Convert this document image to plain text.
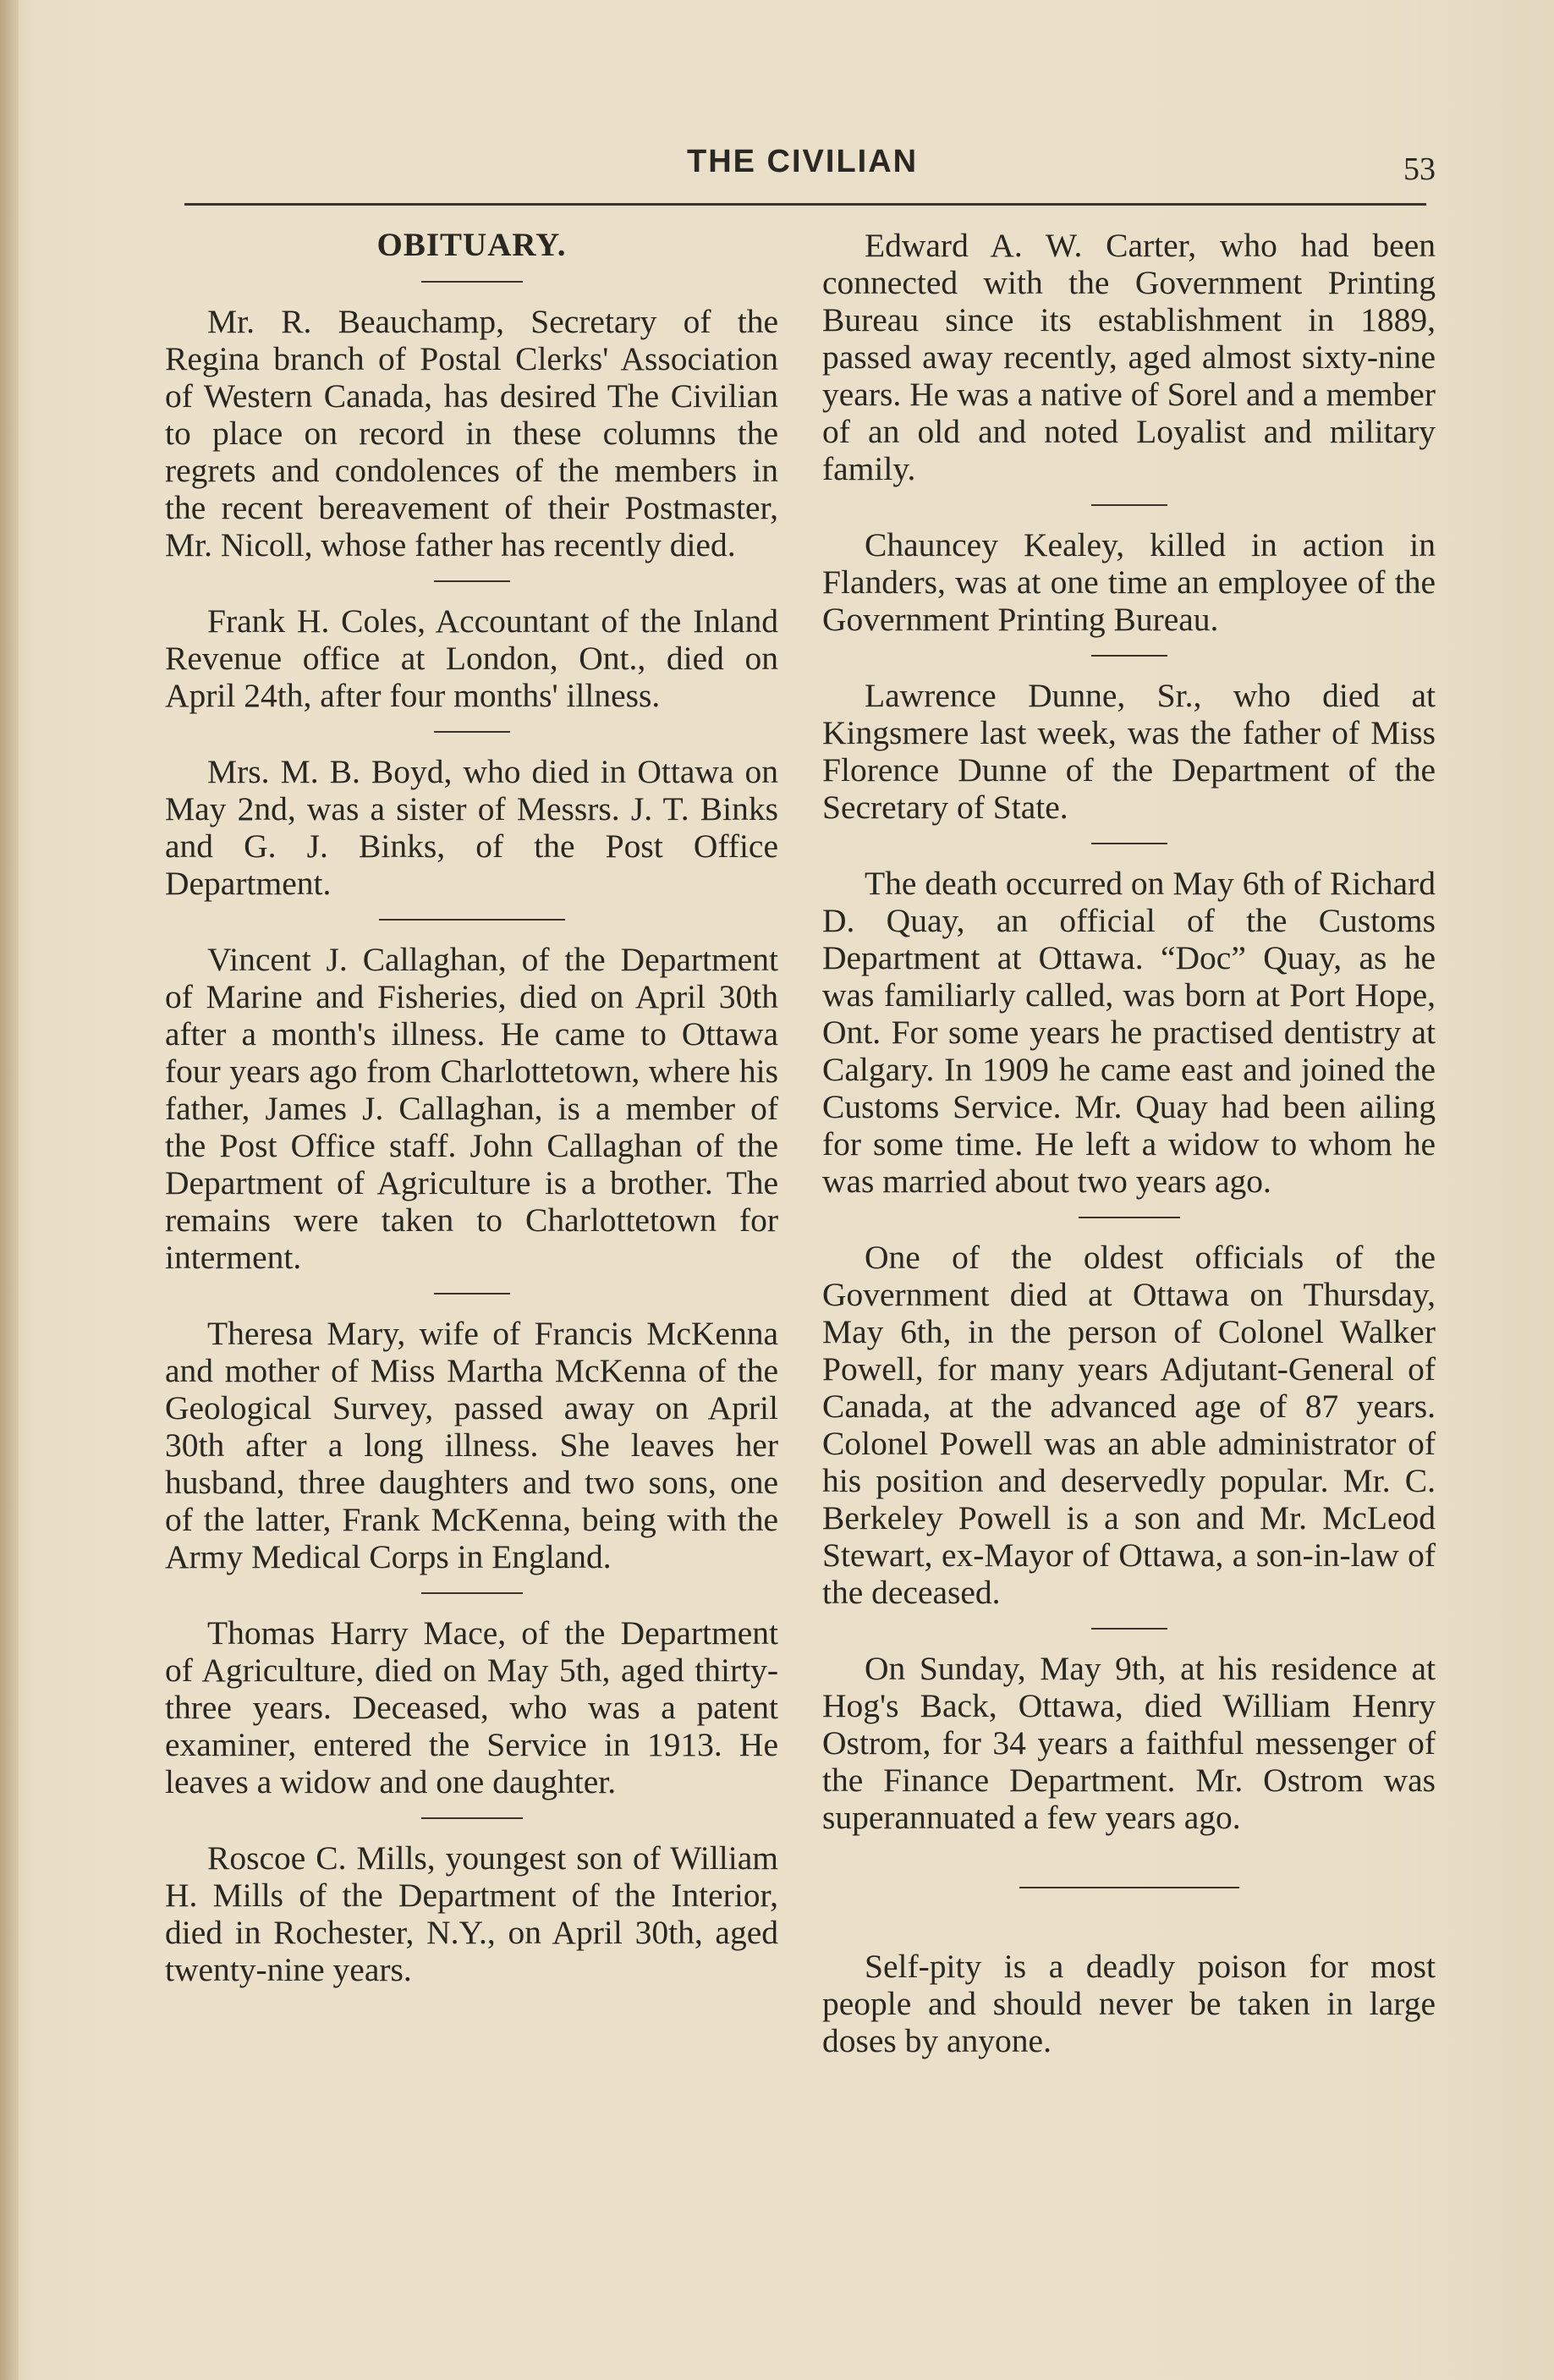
THE CIVILIAN	53
OBITUARY.

Mr. R. Beauchamp, Secretary of the Regina branch of Postal Clerks' Association of Western Canada, has desired The Civilian to place on record in these columns the regrets and condolences of the members in the recent bereavement of their Postmaster, Mr. Nicoll, whose father has recently died.

Frank H. Coles, Accountant of the Inland Revenue office at London, Ont., died on April 24th, after four months' illness.

Mrs. M. B. Boyd, who died in Ottawa on May 2nd, was a sister of Messrs. J. T. Binks and G. J. Binks, of the Post Office Department.

Vincent J. Callaghan, of the Department of Marine and Fisheries, died on April 30th after a month's illness. He came to Ottawa four years ago from Charlottetown, where his father, James J. Callaghan, is a member of the Post Office staff. John Callaghan of the Department of Agriculture is a brother. The remains were taken to Charlottetown for interment.

Theresa Mary, wife of Francis McKenna and mother of Miss Martha McKenna of the Geological Survey, passed away on April 30th after a long illness. She leaves her husband, three daughters and two sons, one of the latter, Frank McKenna, being with the Army Medical Corps in England.

Thomas Harry Mace, of the Department of Agriculture, died on May 5th, aged thirty-three years. Deceased, who was a patent examiner, entered the Service in 1913. He leaves a widow and one daughter.

Roscoe C. Mills, youngest son of William H. Mills of the Department of the Interior, died in Rochester, N.Y., on April 30th, aged twenty-nine years.

Edward A. W. Carter, who had been connected with the Government Printing Bureau since its establishment in 1889, passed away recently, aged almost sixty-nine years. He was a native of Sorel and a member of an old and noted Loyalist and military family.

Chauncey Kealey, killed in action in Flanders, was at one time an employee of the Government Printing Bureau.

Lawrence Dunne, Sr., who died at Kingsmere last week, was the father of Miss Florence Dunne of the Department of the Secretary of State.

The death occurred on May 6th of Richard D. Quay, an official of the Customs Department at Ottawa. “Doc” Quay, as he was familiarly called, was born at Port Hope, Ont. For some years he practised dentistry at Calgary. In 1909 he came east and joined the Customs Service. Mr. Quay had been ailing for some time. He left a widow to whom he was married about two years ago.

One of the oldest officials of the Government died at Ottawa on Thursday, May 6th, in the person of Colonel Walker Powell, for many years Adjutant-General of Canada, at the advanced age of 87 years. Colonel Powell was an able administrator of his position and deservedly popular. Mr. C. Berkeley Powell is a son and Mr. McLeod Stewart, ex-Mayor of Ottawa, a son-in-law of the deceased.

On Sunday, May 9th, at his residence at Hog's Back, Ottawa, died William Henry Ostrom, for 34 years a faithful messenger of the Finance Department. Mr. Ostrom was superannuated a few years ago.

Self-pity is a deadly poison for most people and should never be taken in large doses by anyone.
